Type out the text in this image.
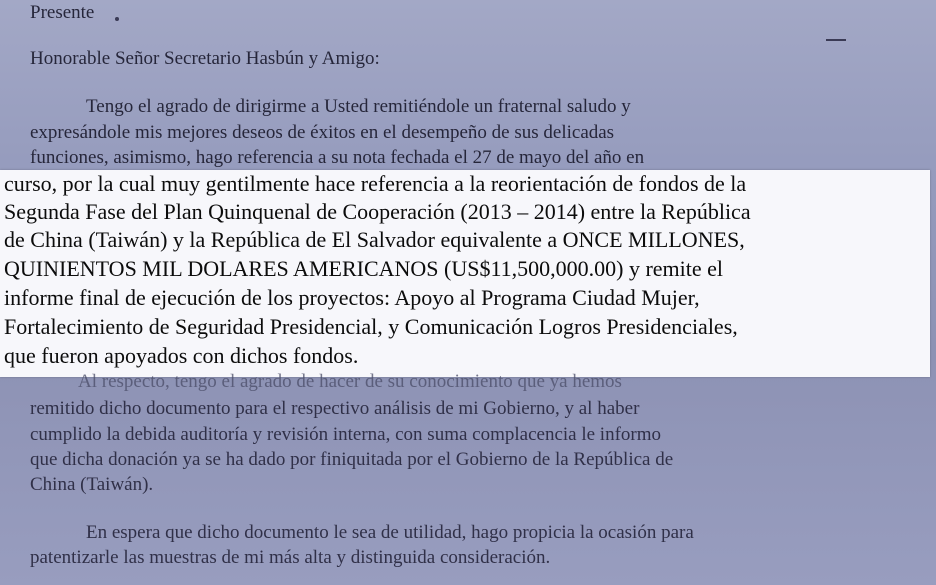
Presente

Honorable Señor Secretario Hasbún y Amigo:

Tengo el agrado de dirigirme a Usted remitiéndole un fraternal saludo y

expresándole mis mejores deseos de éxitos en el desempeño de sus delicadas

funciones, asimismo, hago referencia a su nota fechada el 27 de mayo del año en

curso, por la cual muy gentilmente hace referencia a la reorientación de fondos de la

Segunda Fase del Plan Quinquenal de Cooperación (2013 – 2014) entre la República

de China (Taiwán) y la República de El Salvador equivalente a ONCE MILLONES,

QUINIENTOS MIL DOLARES AMERICANOS (US$11,500,000.00) y remite el

informe final de ejecución de los proyectos: Apoyo al Programa Ciudad Mujer,

Fortalecimiento de Seguridad Presidencial, y Comunicación Logros Presidenciales,

que fueron apoyados con dichos fondos.

Al respecto, tengo el agrado de hacer de su conocimiento que ya hemos

remitido dicho documento para el respectivo análisis de mi Gobierno, y al haber

cumplido la debida auditoría y revisión interna, con suma complacencia le informo

que dicha donación ya se ha dado por finiquitada por el Gobierno de la República de

China (Taiwán).

En espera que dicho documento le sea de utilidad, hago propicia la ocasión para

patentizarle las muestras de mi más alta y distinguida consideración.
